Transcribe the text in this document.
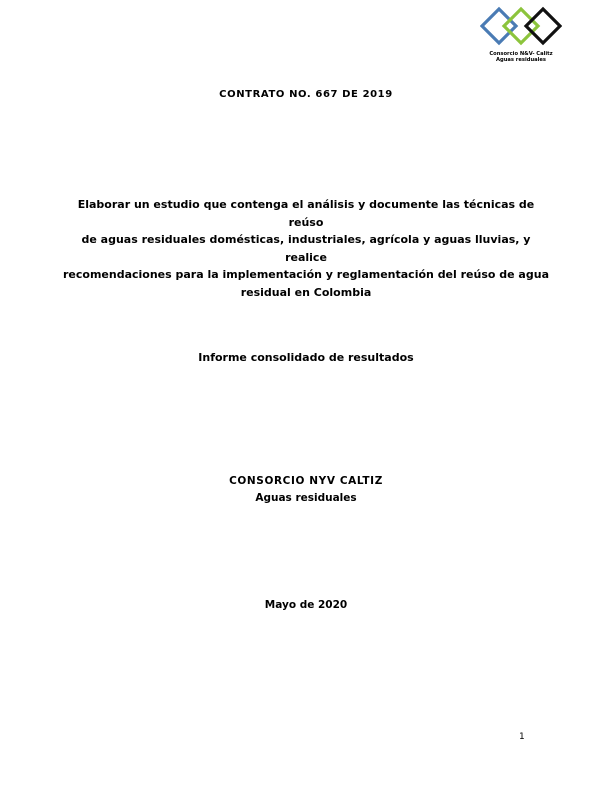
Consorcio N&V- Calitz
Aguas residuales
CONTRATO NO. 667 DE 2019
Elaborar un estudio que contenga el análisis y documente las técnicas de reúso
de aguas residuales domésticas, industriales, agrícola y aguas lluvias, y realice
recomendaciones para la implementación y reglamentación del reúso de agua
residual en Colombia
Informe consolidado de resultados
CONSORCIO NYV CALTIZ
Aguas residuales
Mayo de 2020
1
